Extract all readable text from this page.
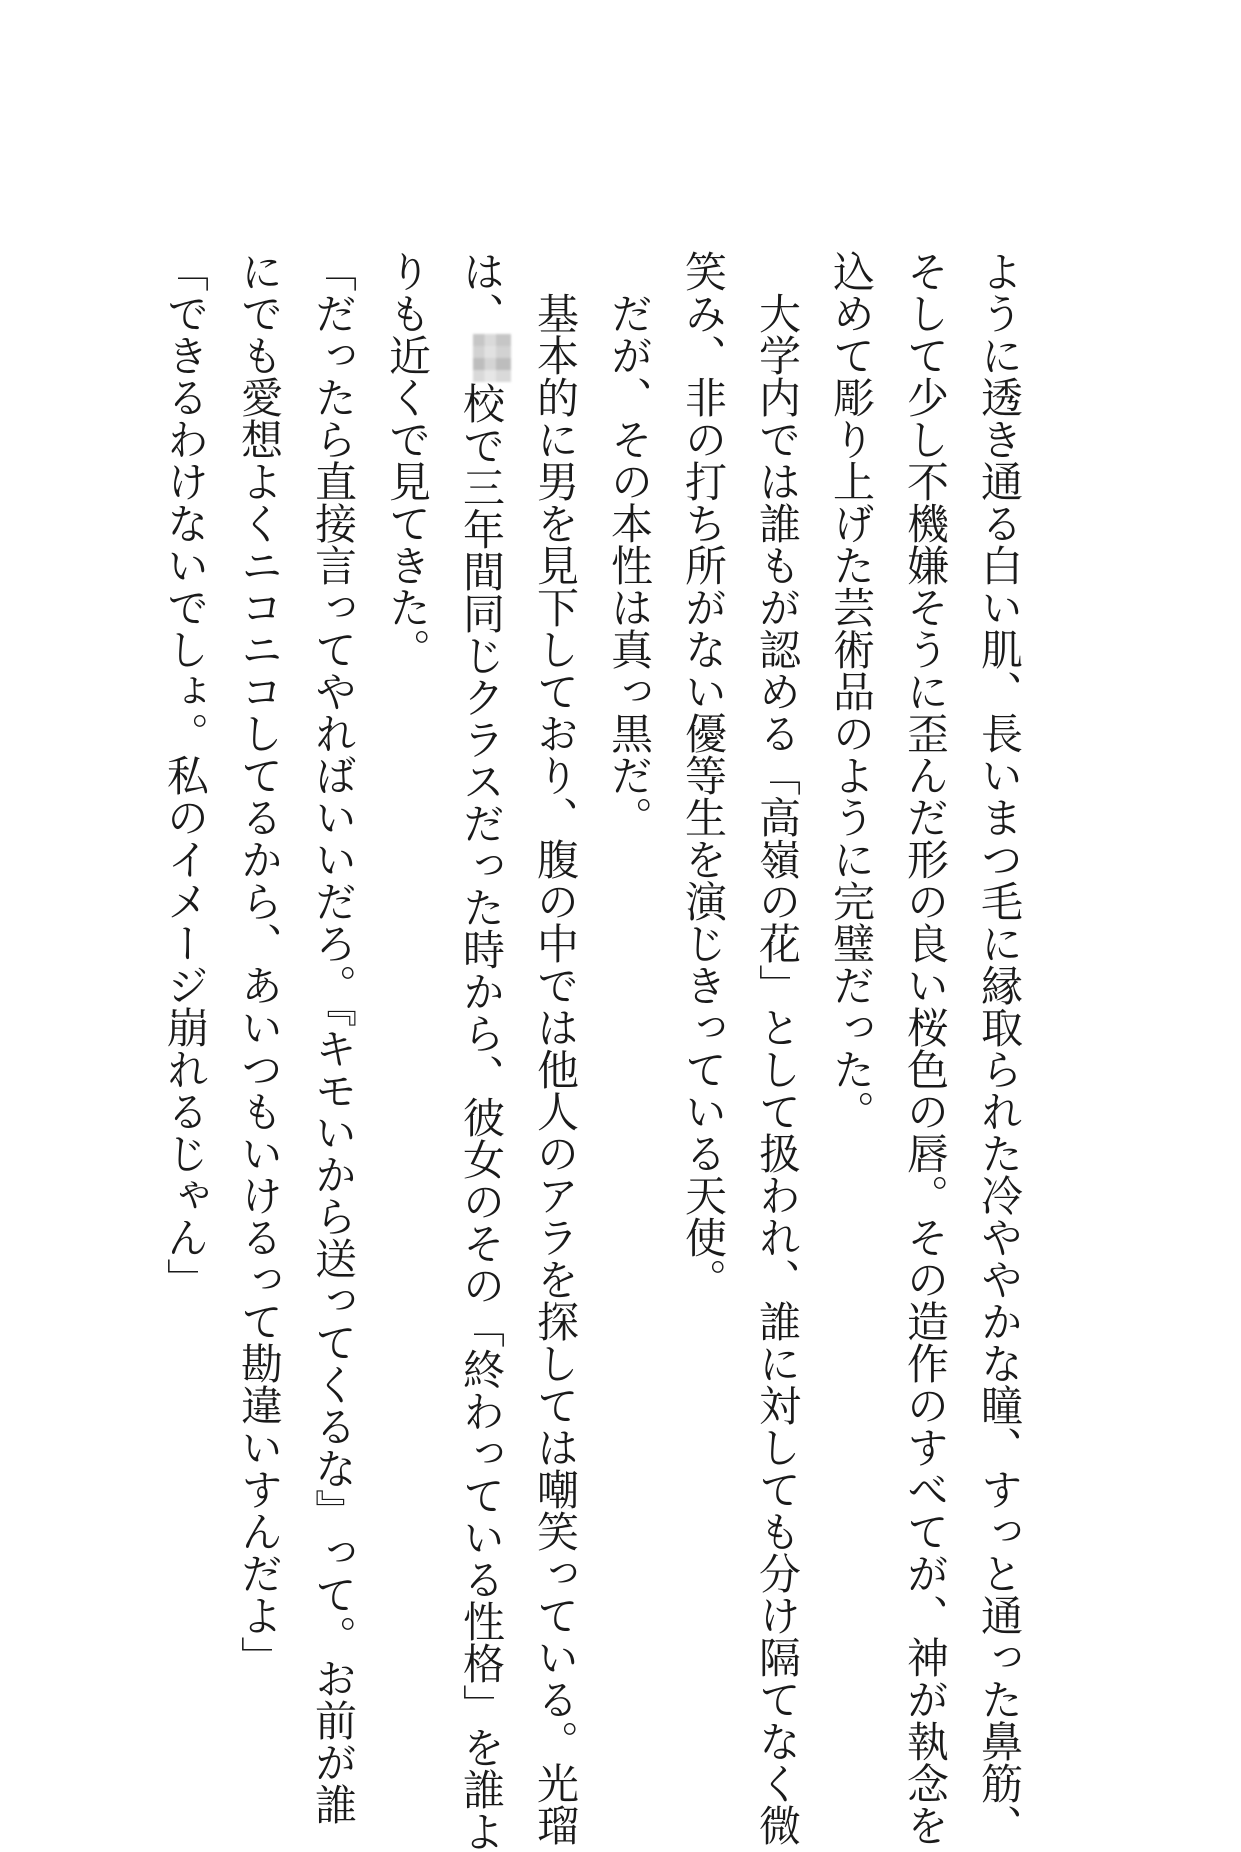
ように透き通る白い肌、長いまつ毛に縁取られた冷ややかな瞳、すっと通った鼻筋、
そして少し不機嫌そうに歪んだ形の良い桜色の唇。その造作のすべてが、神が執念を
込めて彫り上げた芸術品のように完璧だった。
　大学内では誰もが認める「高嶺の花」として扱われ、誰に対しても分け隔てなく微
笑み、非の打ち所がない優等生を演じきっている天使。
　だが、その本性は真っ黒だ。
　基本的に男を見下しており、腹の中では他人のアラを探しては嘲笑っている。光瑠
は、校で三年間同じクラスだった時から、彼女のその「終わっている性格」を誰よ
りも近くで見てきた。
「だったら直接言ってやればいいだろ。『キモいから送ってくるな』って。お前が誰
にでも愛想よくニコニコしてるから、あいつもいけるって勘違いすんだよ」
「できるわけないでしょ。私のイメージ崩れるじゃん」
